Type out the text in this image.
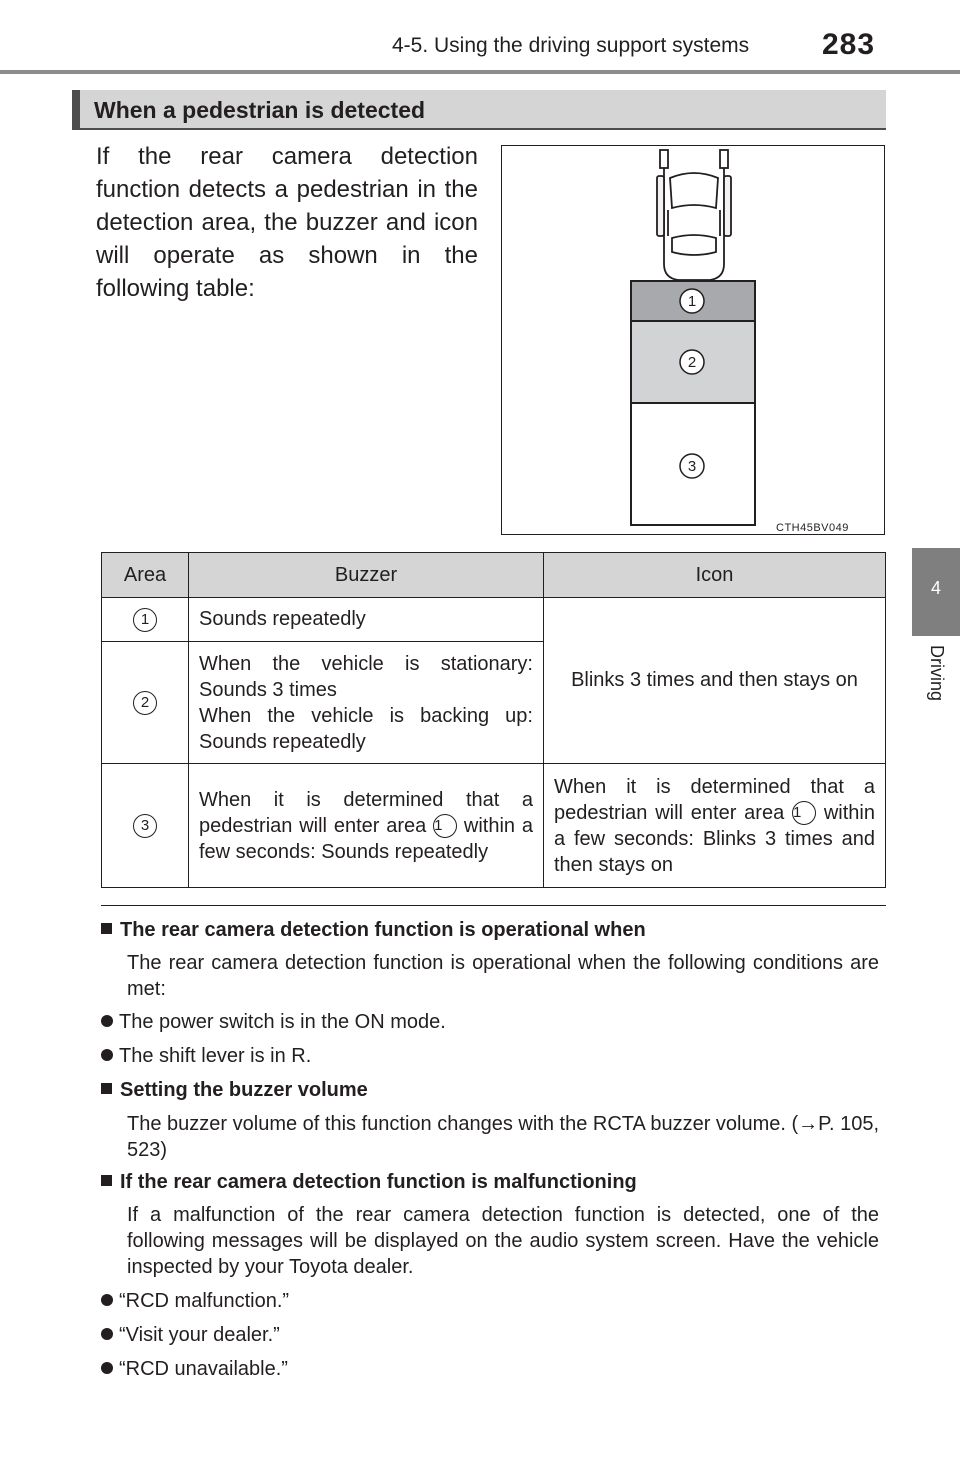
4-5. Using the driving support systems 283
4
Driving
When a pedestrian is detected
If the rear camera detection function detects a pedestrian in the detection area, the buzzer and icon will operate as shown in the following table:	1
2
3
CTH45BV049
Area	Buzzer	Icon
1	Sounds repeatedly	Blinks 3 times and then stays on
2	When the vehicle is stationary: Sounds 3 times
When the vehicle is backing up: Sounds repeatedly	

3	When it is determined that a pedestrian will enter area 1 within a few seconds: Sounds repeatedly	When it is determined that a pedestrian will enter area 1 within a few seconds: Blinks 3 times and then stays on
The rear camera detection function is operational when
The rear camera detection function is operational when the following conditions are met:
The power switch is in the ON mode.
The shift lever is in R.
Setting the buzzer volume
The buzzer volume of this function changes with the RCTA buzzer volume. (→P. 105, 523)
If the rear camera detection function is malfunctioning
If a malfunction of the rear camera detection function is detected, one of the following messages will be displayed on the audio system screen. Have the vehicle inspected by your Toyota dealer.
“RCD malfunction.”
“Visit your dealer.”
“RCD unavailable.”
